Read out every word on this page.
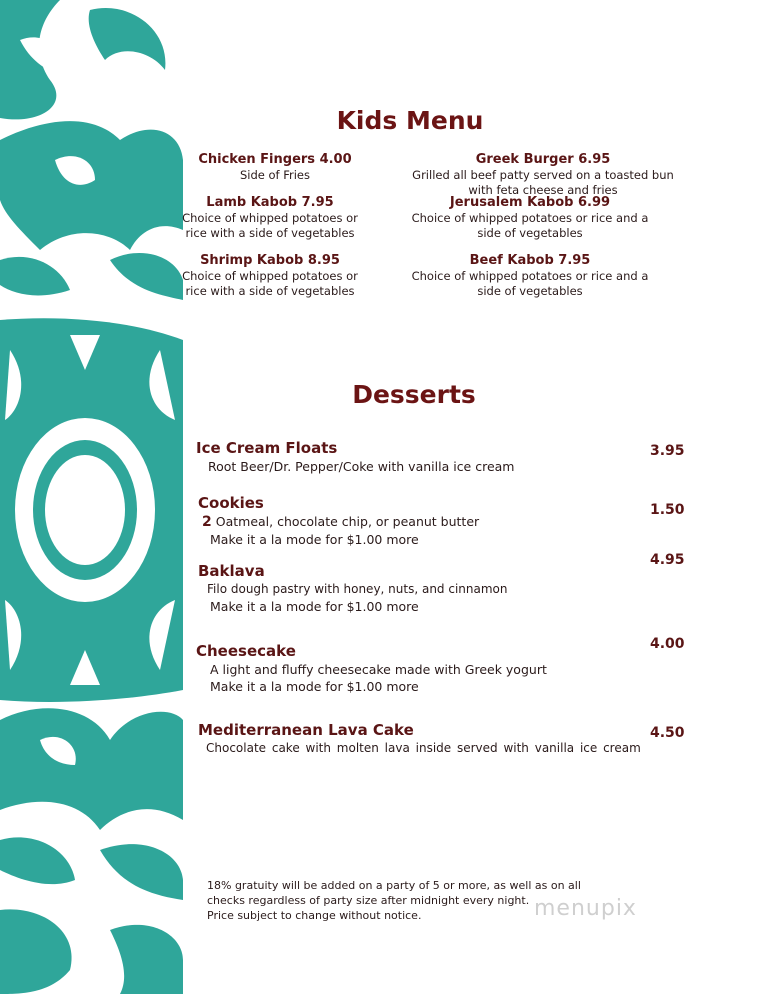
Kids Menu
Chicken Fingers 4.00
Side of Fries
Lamb Kabob 7.95
Choice of whipped potatoes or
rice with a side of vegetables
Shrimp Kabob 8.95
Choice of whipped potatoes or
rice with a side of vegetables
Greek Burger 6.95
Grilled all beef patty served on a toasted bun
with feta cheese and fries
Jerusalem Kabob 6.99
Choice of whipped potatoes or rice and a
side of vegetables
Beef Kabob 7.95
Choice of whipped potatoes or rice and a
side of vegetables
Desserts
Ice Cream Floats
Root Beer/Dr. Pepper/Coke with vanilla ice cream
3.95
Cookies
2 Oatmeal, chocolate chip, or peanut butter
Make it a la mode for $1.00 more
1.50
Baklava
Filo dough pastry with honey, nuts, and cinnamon
Make it a la mode for $1.00 more
4.95
Cheesecake
A light and fluffy cheesecake made with Greek yogurt
Make it a la mode for $1.00 more
4.00
Mediterranean Lava Cake
Chocolate cake with molten lava inside served with vanilla ice cream
4.50
18% gratuity will be added on a party of 5 or more, as well as on all
checks regardless of party size after midnight every night.
Price subject to change without notice.	menupix
